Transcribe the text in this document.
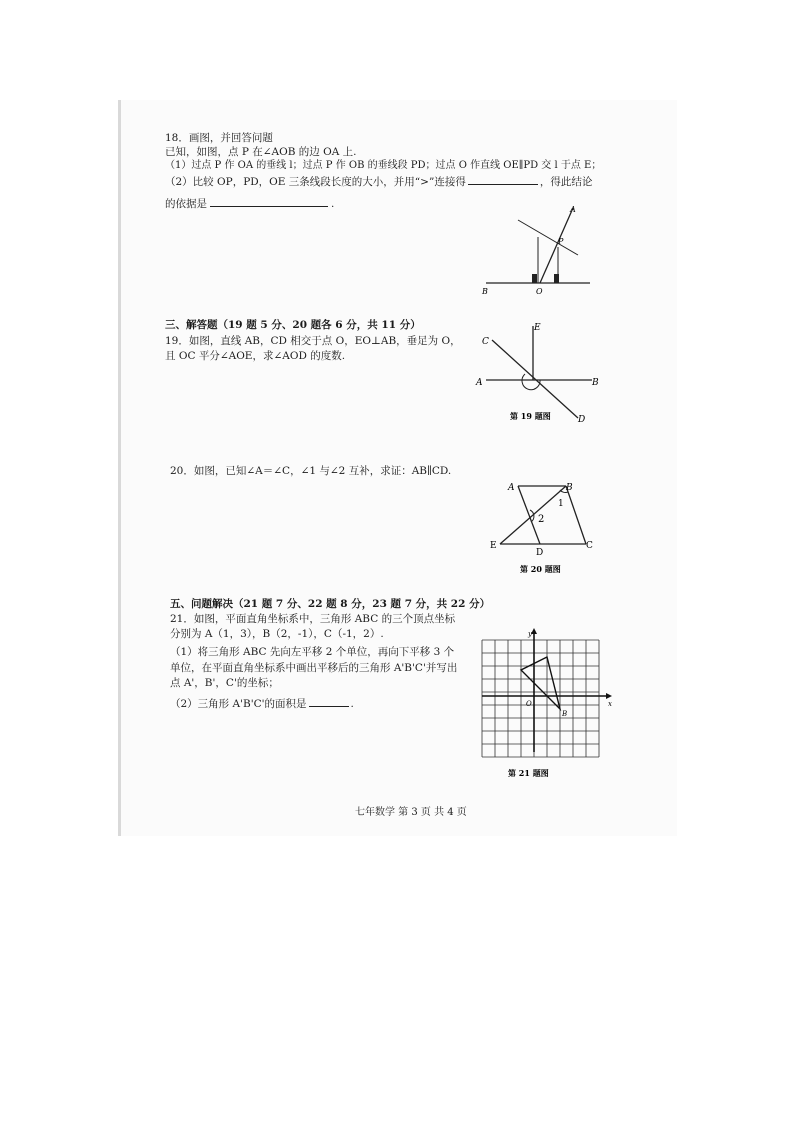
18．画图，并回答问题
已知，如图，点 P 在∠AOB 的边 OA 上.
（1）过点 P 作 OA 的垂线 l；过点 P 作 OB 的垂线段 PD；过点 O 作直线 OE∥PD 交 l 于点 E；
（2）比较 OP，PD，OE 三条线段长度的大小，并用“>”连接得	，得此结论
的依据是	.	A
P
B	O
三、解答题（19 题 5 分、20 题各 6 分，共 11 分）
19．如图，直线 AB，CD 相交于点 O，EO⊥AB，垂足为 O，
且 OC 平分∠AOE，求∠AOD 的度数.
E
C
A	B
D
第 19 题图
20．如图，已知∠A＝∠C，∠1 与∠2 互补，求证：AB∥CD.
A	B
1
2
E
D
C
第 20 题图
五、问题解决（21 题 7 分、22 题 8 分，23 题 7 分，共 22 分）
21．如图，平面直角坐标系中，三角形 ABC 的三个顶点坐标
分别为 A（1，3），B（2，-1），C（-1，2）.
（1）将三角形 ABC 先向左平移 2 个单位，再向下平移 3 个
单位，在平面直角坐标系中画出平移后的三角形 A'B'C'并写出
点 A'，B'，C'的坐标；
（2）三角形 A'B'C'的面积是	.	x
y
O
B
第 21 题图
七年数学 第 3 页 共 4 页
